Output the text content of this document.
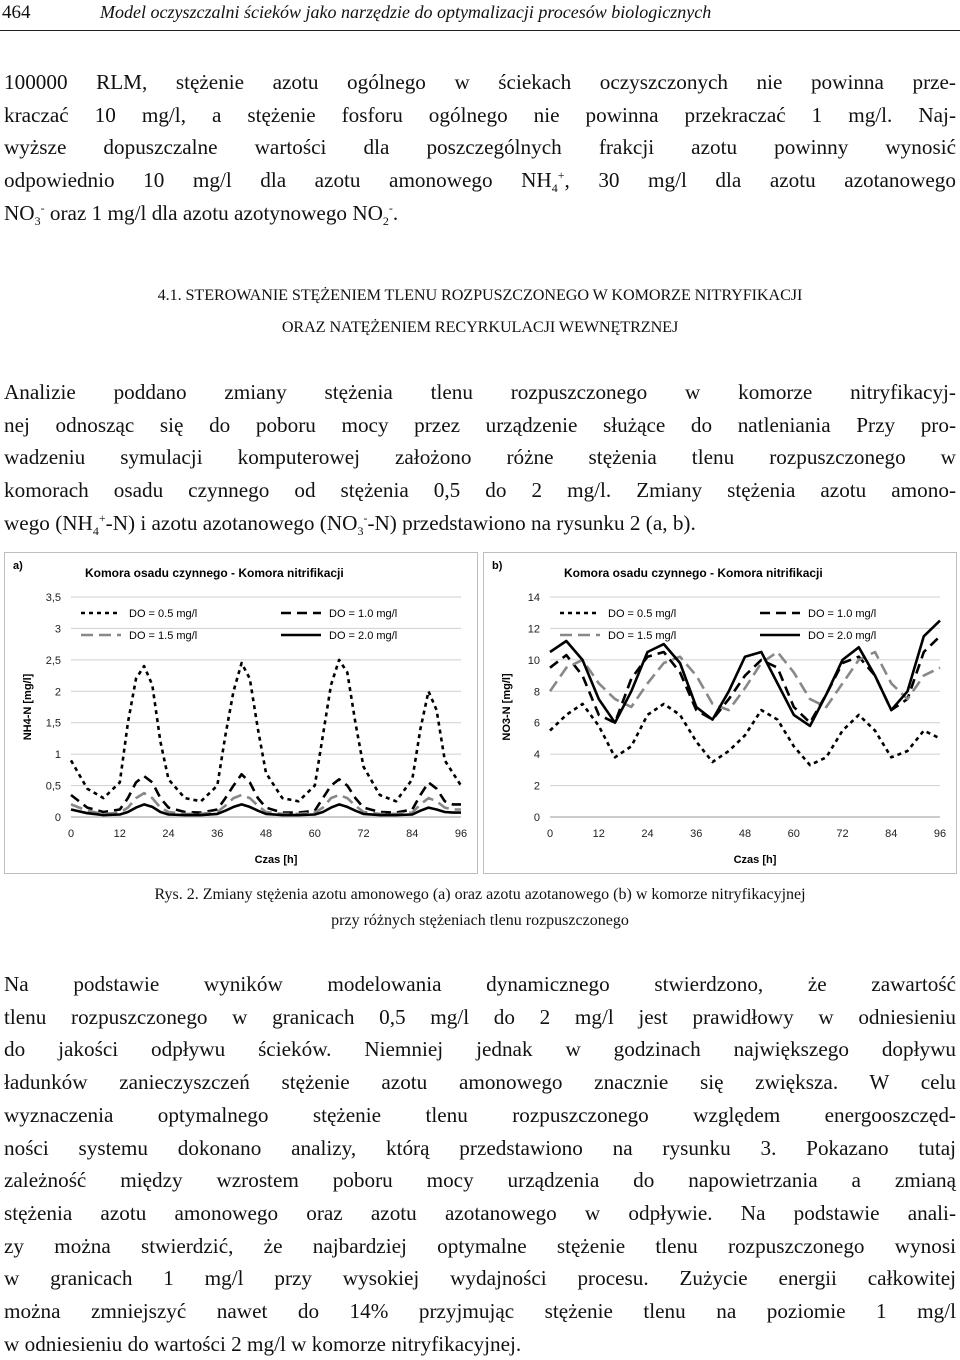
464	Model oczyszczalni ścieków jako narzędzie do optymalizacji procesów biologicznych
100000 RLM, stężenie azotu ogólnego w ściekach oczyszczonych nie powinna prze-
kraczać 10 mg/l, a stężenie fosforu ogólnego nie powinna przekraczać 1 mg/l. Naj-
wyższe dopuszczalne wartości dla poszczególnych frakcji azotu powinny wynosić
odpowiednio 10 mg/l dla azotu amonowego $NH_4^+$, 30 mg/l dla azotu azotanowego
$NO_3^-$ oraz 1 mg/l dla azotu azotynowego $NO_2^-$.
4.1. STEROWANIE STĘŻENIEM TLENU ROZPUSZCZONEGO W KOMORZE NITRYFIKACJI
ORAZ NATĘŻENIEM RECYRKULACJI WEWNĘTRZNEJ
Analizie poddano zmiany stężenia tlenu rozpuszczonego w komorze nitryfikacyj-
nej odnosząc się do poboru mocy przez urządzenie służące do natleniania Przy pro-
wadzeniu symulacji komputerowej założono różne stężenia tlenu rozpuszczonego w
komorach osadu czynnego od stężenia 0,5 do 2 mg/l. Zmiany stężenia azotu amono-
wego $(NH_4^+-N)$ i azotu azotanowego $(NO_3^--N)$ przedstawiono na rysunku 2 (a, b).
a)	Komora osadu czynnego - Komora nitrifikacji
0
0,5
1
1,5
2
2,5
3
3,5
0	12	24	36	48	60	72	84	96
Czas [h]
NH4-N [mg/l]
DO = 0.5 mg/l	DO = 1.0 mg/l
DO = 1.5 mg/l	DO = 2.0 mg/l
b)	Komora osadu czynnego - Komora nitrifikacji
0
2
4
6
8
10
12
14
0	12	24	36	48	60	72	84	96
Czas [h]
NO3-N [mg/l]
DO = 0.5 mg/l	DO = 1.0 mg/l
DO = 1.5 mg/l	DO = 2.0 mg/l
Rys. 2. Zmiany stężenia azotu amonowego (a) oraz azotu azotanowego (b) w komorze nitryfikacyjnej
przy różnych stężeniach tlenu rozpuszczonego
Na podstawie wyników modelowania dynamicznego stwierdzono, że zawartość
tlenu rozpuszczonego w granicach 0,5 mg/l do 2 mg/l jest prawidłowy w odniesieniu
do jakości odpływu ścieków. Niemniej jednak w godzinach największego dopływu
ładunków zanieczyszczeń stężenie azotu amonowego znacznie się zwiększa. W celu
wyznaczenia optymalnego stężenie tlenu rozpuszczonego względem energooszczęd-
ności systemu dokonano analizy, którą przedstawiono na rysunku 3. Pokazano tutaj
zależność między wzrostem poboru mocy urządzenia do napowietrzania a zmianą
stężenia azotu amonowego oraz azotu azotanowego w odpływie. Na podstawie anali-
zy można stwierdzić, że najbardziej optymalne stężenie tlenu rozpuszczonego wynosi
w granicach 1 mg/l przy wysokiej wydajności procesu. Zużycie energii całkowitej
można zmniejszyć nawet do 14% przyjmując stężenie tlenu na poziomie 1 mg/l
w odniesieniu do wartości 2 mg/l w komorze nitryfikacyjnej.
